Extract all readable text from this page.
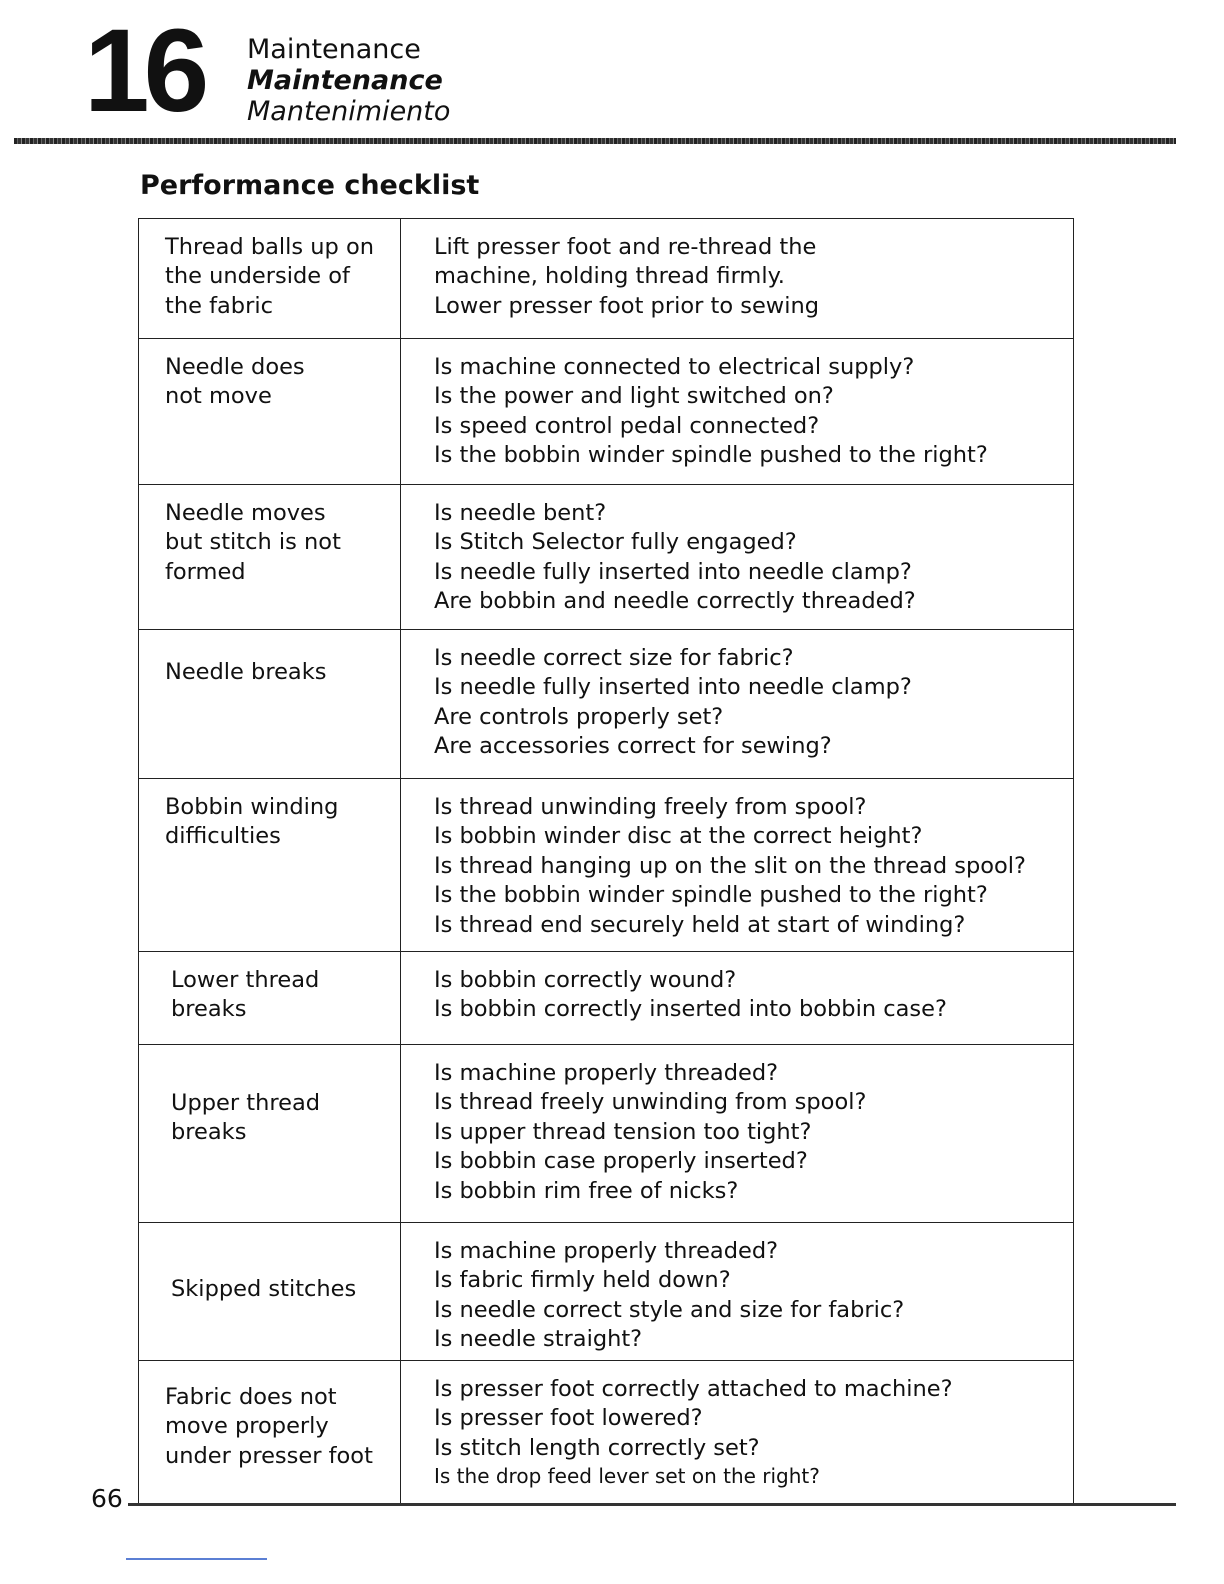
16 Maintenance
Maintenance
Mantenimiento
Performance checklist
Thread balls up on
the underside of
the fabric	Lift presser foot and re-thread the
machine, holding thread firmly.
Lower presser foot prior to sewing

Needle does
not move	Is machine connected to electrical supply?
Is the power and light switched on?
Is speed control pedal connected?
Is the bobbin winder spindle pushed to the right?

Needle moves
but stitch is not
formed	Is needle bent?
Is Stitch Selector fully engaged?
Is needle fully inserted into needle clamp?
Are bobbin and needle correctly threaded?

Needle breaks	Is needle correct size for fabric?
Is needle fully inserted into needle clamp?
Are controls properly set?
Are accessories correct for sewing?

Bobbin winding
difficulties	Is thread unwinding freely from spool?
Is bobbin winder disc at the correct height?
Is thread hanging up on the slit on the thread spool?
Is the bobbin winder spindle pushed to the right?
Is thread end securely held at start of winding?

Lower thread
breaks	Is bobbin correctly wound?
Is bobbin correctly inserted into bobbin case?

Upper thread
breaks	Is machine properly threaded?
Is thread freely unwinding from spool?
Is upper thread tension too tight?
Is bobbin case properly inserted?
Is bobbin rim free of nicks?

Skipped stitches	Is machine properly threaded?
Is fabric firmly held down?
Is needle correct style and size for fabric?
Is needle straight?

Fabric does not
move properly
under presser foot	Is presser foot correctly attached to machine?
Is presser foot lowered?
Is stitch length correctly set?
Is the drop feed lever set on the right?
66
